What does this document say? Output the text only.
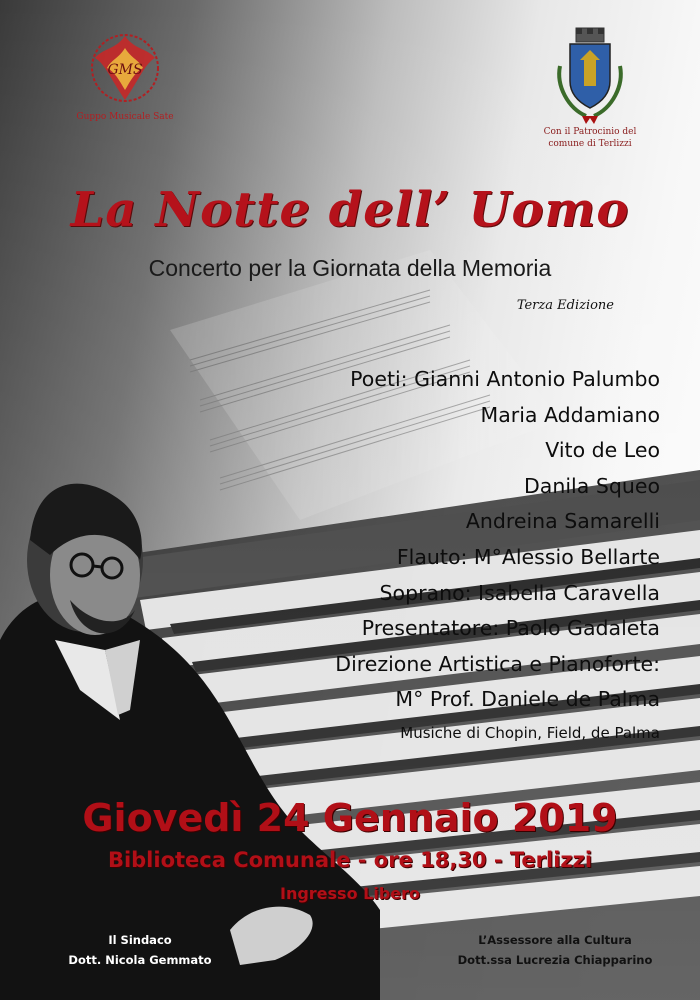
GMS
Guppo Musicale Sate
Con il Patrocinio del
comune di Terlizzi
La Notte dell’ Uomo
Concerto per la Giornata della Memoria
Terza Edizione
Poeti: Gianni Antonio Palumbo
Maria Addamiano
Vito de Leo
Danila Squeo
Andreina Samarelli
Flauto: M°Alessio Bellarte
Soprano: Isabella Caravella
Presentatore: Paolo Gadaleta
Direzione Artistica e Pianoforte:
M° Prof. Daniele de Palma
Musiche di Chopin, Field, de Palma
Giovedì 24 Gennaio 2019
Biblioteca Comunale - ore 18,30 - Terlizzi
Ingresso Libero
Il Sindaco
Dott. Nicola Gemmato
L’Assessore alla Cultura
Dott.ssa Lucrezia Chiapparino
